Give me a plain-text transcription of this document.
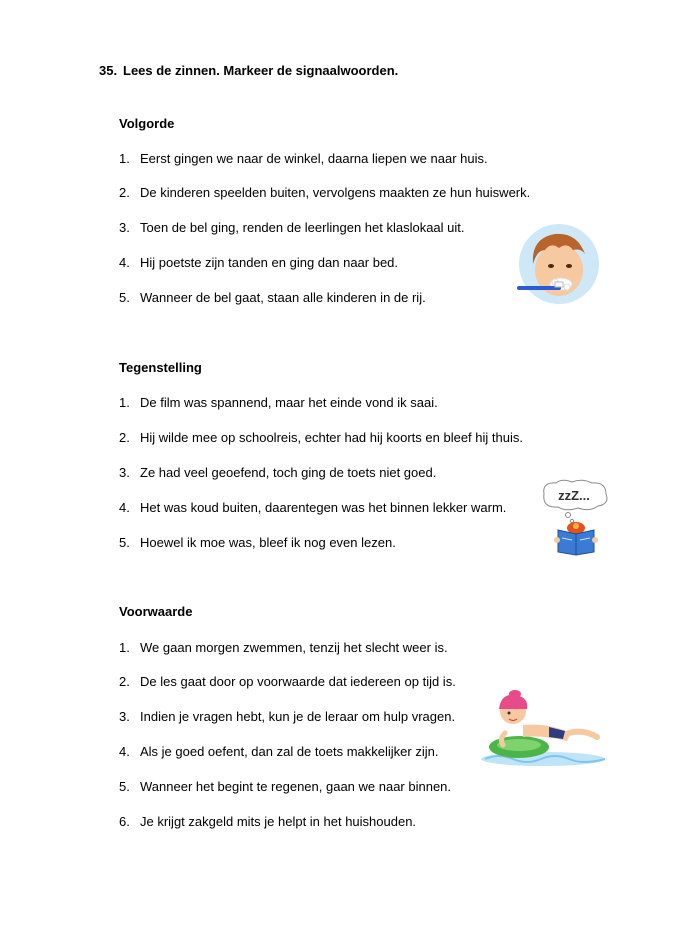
35. Lees de zinnen. Markeer de signaalwoorden.
Volgorde
1. Eerst gingen we naar de winkel, daarna liepen we naar huis.
2. De kinderen speelden buiten, vervolgens maakten ze hun huiswerk.
3. Toen de bel ging, renden de leerlingen het klaslokaal uit.
4. Hij poetste zijn tanden en ging dan naar bed.
5. Wanneer de bel gaat, staan alle kinderen in de rij.
Tegenstelling
1. De film was spannend, maar het einde vond ik saai.
2. Hij wilde mee op schoolreis, echter had hij koorts en bleef hij thuis.
3. Ze had veel geoefend, toch ging de toets niet goed.
4. Het was koud buiten, daarentegen was het binnen lekker warm.
5. Hoewel ik moe was, bleef ik nog even lezen.
Voorwaarde
1. We gaan morgen zwemmen, tenzij het slecht weer is.
2. De les gaat door op voorwaarde dat iedereen op tijd is.
3. Indien je vragen hebt, kun je de leraar om hulp vragen.
4. Als je goed oefent, dan zal de toets makkelijker zijn.
5. Wanneer het begint te regenen, gaan we naar binnen.
6. Je krijgt zakgeld mits je helpt in het huishouden.
zzZ...
